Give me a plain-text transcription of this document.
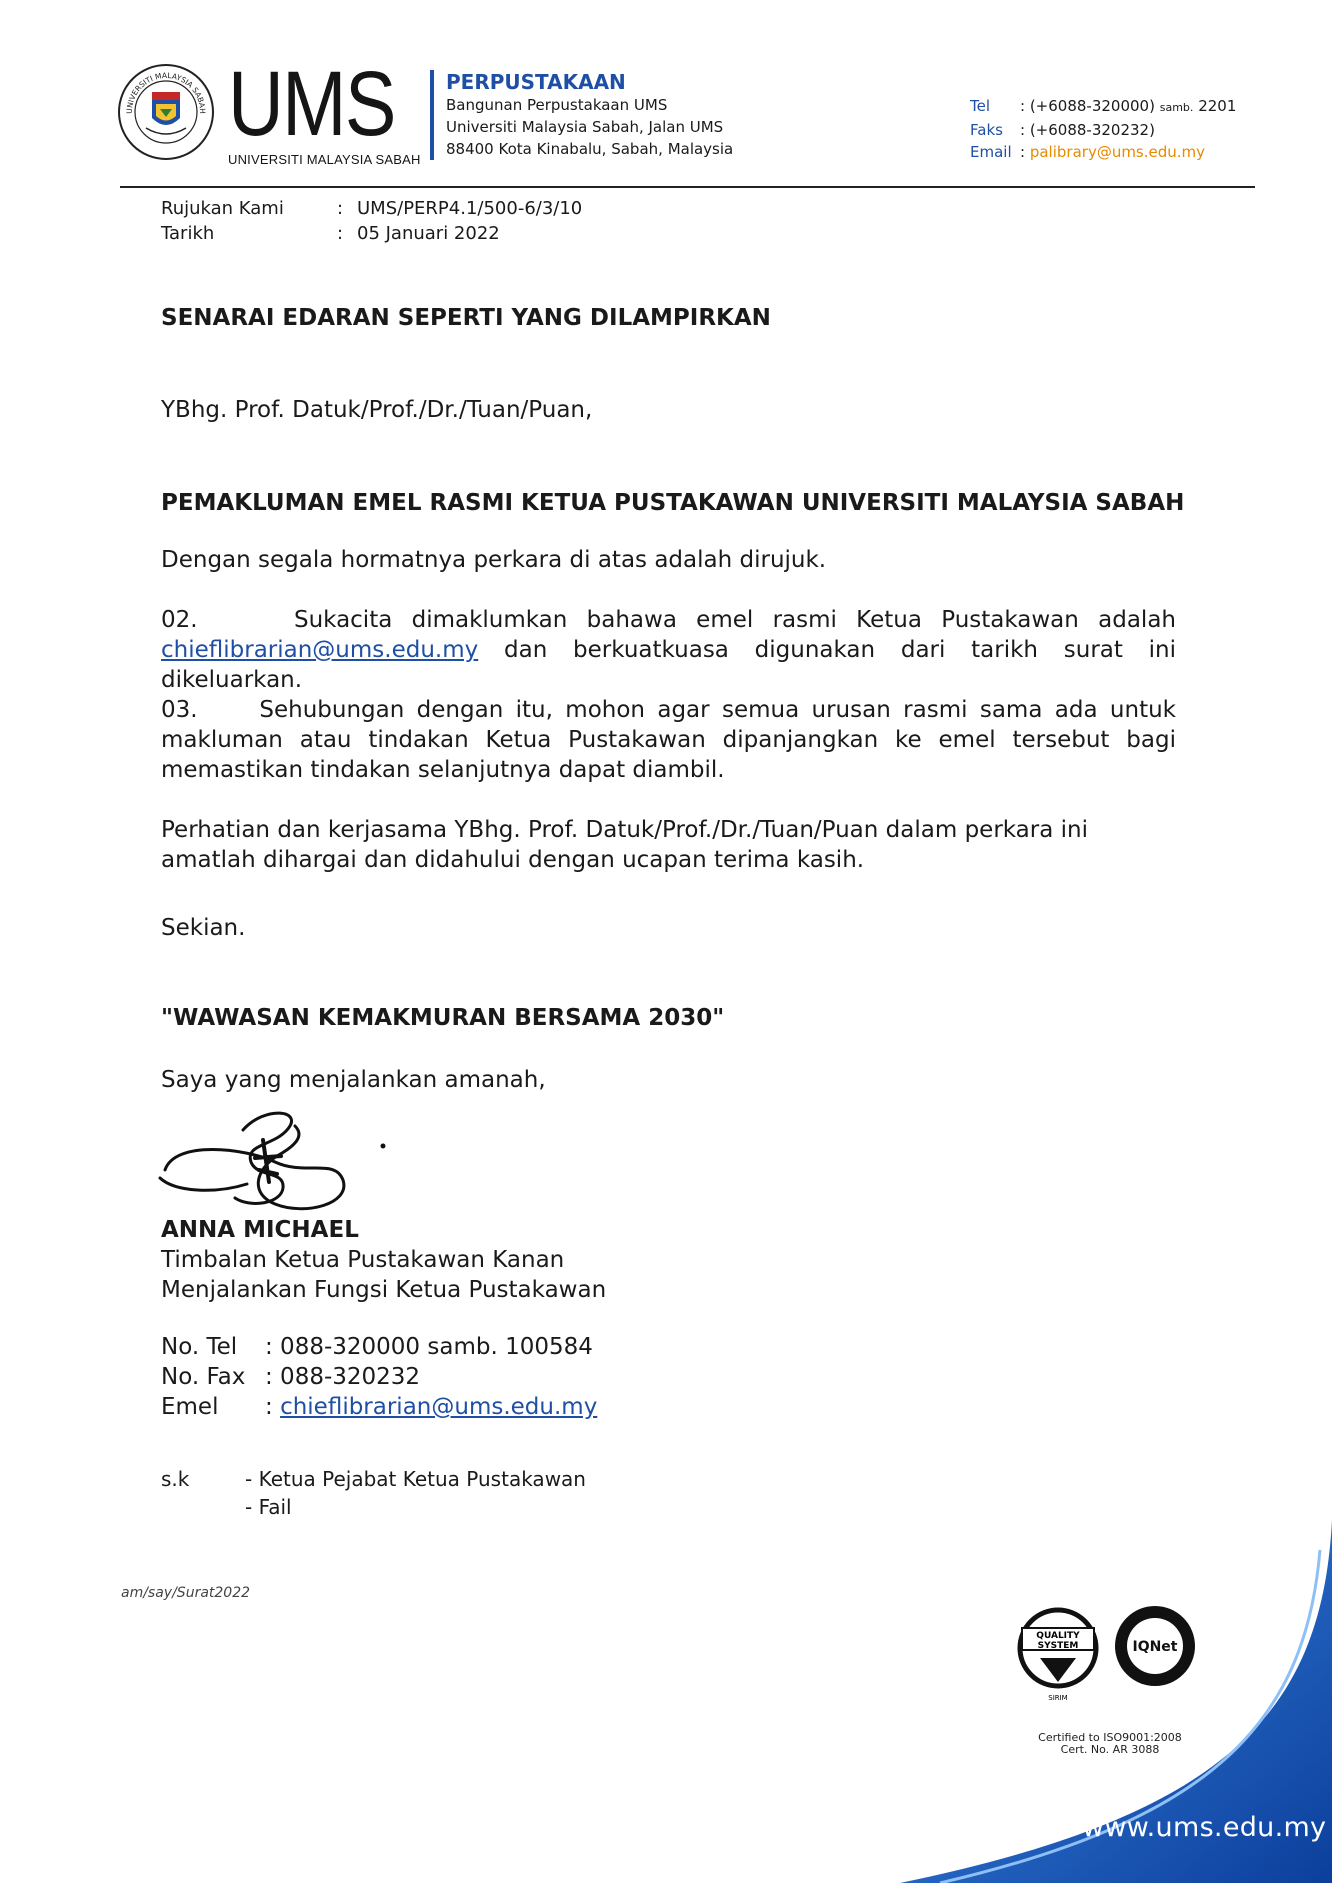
UNIVERSITI MALAYSIA SABAH UMS
UNIVERSITI MALAYSIA SABAH
PERPUSTAKAAN
Bangunan Perpustakaan UMS
Universiti Malaysia Sabah, Jalan UMS
88400 Kota Kinabalu, Sabah, Malaysia
Tel : (+6088-320000) samb. 2201
Faks : (+6088-320232)
Email : palibrary@ums.edu.my
Rujukan Kami	: UMS/PERP4.1/500-6/3/10
Tarikh	: 05 Januari 2022
SENARAI EDARAN SEPERTI YANG DILAMPIRKAN
YBhg. Prof. Datuk/Prof./Dr./Tuan/Puan,
PEMAKLUMAN EMEL RASMI KETUA PUSTAKAWAN UNIVERSITI MALAYSIA SABAH
Dengan segala hormatnya perkara di atas adalah dirujuk.
02.     Sukacita dimaklumkan bahawa emel rasmi Ketua Pustakawan adalah chieflibrarian@ums.edu.my dan berkuatkuasa digunakan dari tarikh surat ini dikeluarkan.
03.     Sehubungan dengan itu, mohon agar semua urusan rasmi sama ada untuk makluman atau tindakan Ketua Pustakawan dipanjangkan ke emel tersebut bagi memastikan tindakan selanjutnya dapat diambil.
Perhatian dan kerjasama YBhg. Prof. Datuk/Prof./Dr./Tuan/Puan dalam perkara ini amatlah dihargai dan didahului dengan ucapan terima kasih.
Sekian.
"WAWASAN KEMAKMURAN BERSAMA 2030"
Saya yang menjalankan amanah,
ANNA MICHAEL
Timbalan Ketua Pustakawan Kanan
Menjalankan Fungsi Ketua Pustakawan
No. Tel : 088-320000 samb. 100584
No. Fax : 088-320232
Emel : chieflibrarian@ums.edu.my
s.k	- Ketua Pejabat Ketua Pustakawan
- Fail
am/say/Surat2022
QUALITY
SYSTEM
SIRIM
IQNet
Certified to ISO9001:2008
Cert. No. AR 3088
www.ums.edu.my
